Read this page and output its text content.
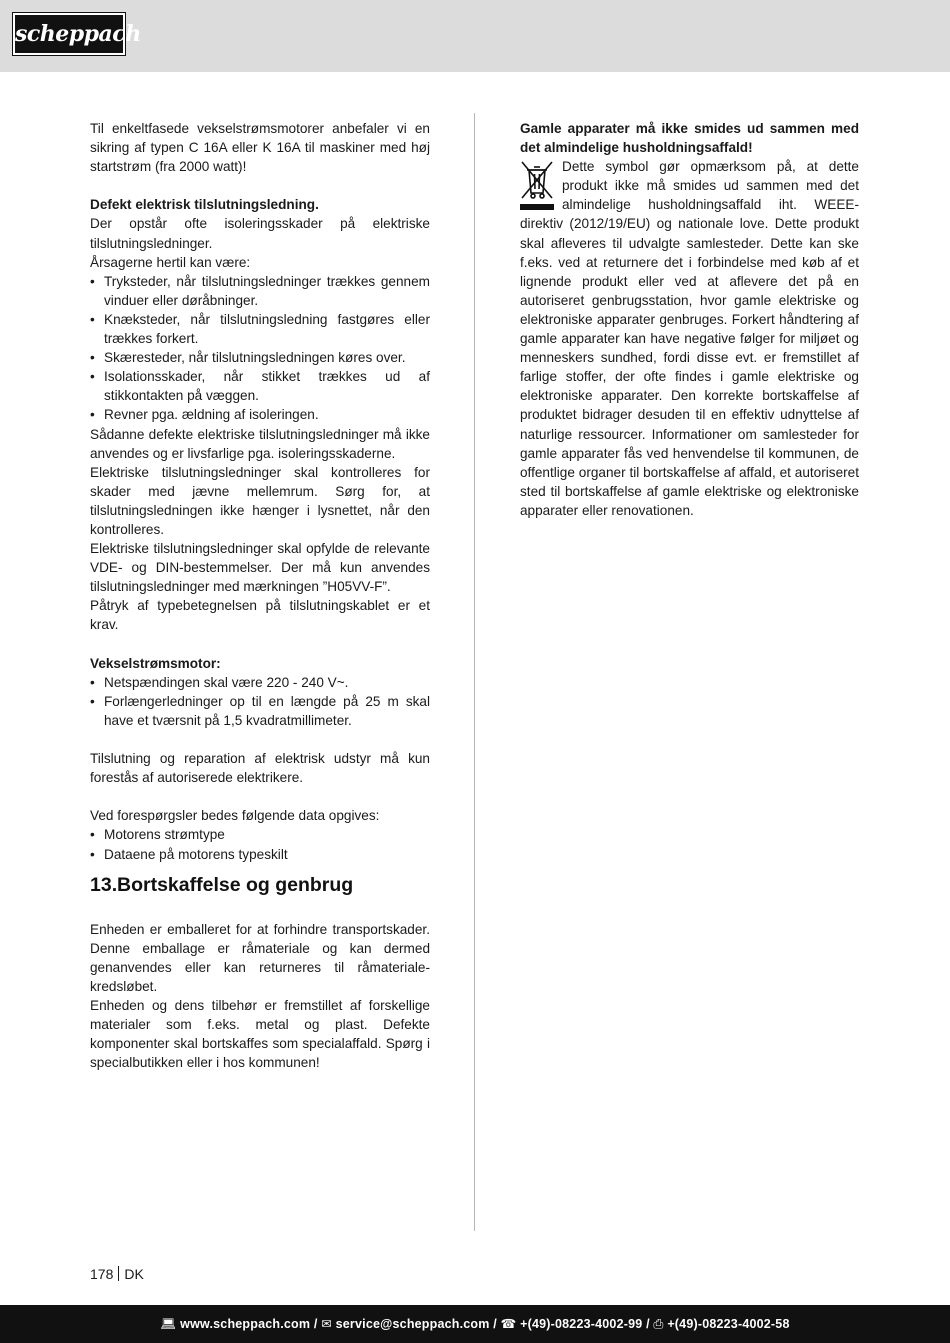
scheppach
Til enkeltfasede vekselstrømsmotorer anbefaler vi en sikring af typen C 16A eller K 16A til maskiner med høj startstrøm (fra 2000 watt)!
Defekt elektrisk tilslutningsledning.
Der opstår ofte isoleringsskader på elektriske tilslutningsledninger.
Årsagerne hertil kan være:
• Tryksteder, når tilslutningsledninger trækkes gennem vinduer eller døråbninger.
• Knæksteder, når tilslutningsledning fastgøres eller trækkes forkert.
• Skæresteder, når tilslutningsledningen køres over.
• Isolationsskader, når stikket trækkes ud af stikkontakten på væggen.
• Revner pga. ældning af isoleringen.
Sådanne defekte elektriske tilslutningsledninger må ikke anvendes og er livsfarlige pga. isoleringsskaderne.
Elektriske tilslutningsledninger skal kontrolleres for skader med jævne mellemrum. Sørg for, at tilslutningsledningen ikke hænger i lysnettet, når den kontrolleres.
Elektriske tilslutningsledninger skal opfylde de relevante VDE- og DIN-bestemmelser. Der må kun anvendes tilslutningsledninger med mærkningen ”H05VV-F”.
Påtryk af typebetegnelsen på tilslutningskablet er et krav.
Vekselstrømsmotor:
• Netspændingen skal være 220 - 240 V~.
• Forlængerledninger op til en længde på 25 m skal have et tværsnit på 1,5 kvadratmillimeter.
Tilslutning og reparation af elektrisk udstyr må kun forestås af autoriserede elektrikere.
Ved forespørgsler bedes følgende data opgives:
• Motorens strømtype
• Dataene på motorens typeskilt
13.Bortskaffelse og genbrug
Enheden er emballeret for at forhindre transportskader. Denne emballage er råmateriale og kan dermed genanvendes eller kan returneres til råmateriale-kredsløbet.
Enheden og dens tilbehør er fremstillet af forskellige materialer som f.eks. metal og plast. Defekte komponenter skal bortskaffes som specialaffald. Spørg i specialbutikken eller i hos kommunen!
Gamle apparater må ikke smides ud sammen med det almindelige husholdningsaffald!
Dette symbol gør opmærksom på, at dette produkt ikke må smides ud sammen med det almindelige husholdningsaffald iht. WEEE-direktiv (2012/19/EU) og nationale love. Dette produkt skal afleveres til udvalgte samlesteder. Dette kan ske f.eks. ved at returnere det i forbindelse med køb af et lignende produkt eller ved at aflevere det på en autoriseret genbrugsstation, hvor gamle elektriske og elektroniske apparater genbruges. Forkert håndtering af gamle apparater kan have negative følger for miljøet og menneskers sundhed, fordi disse evt. er fremstillet af farlige stoffer, der ofte findes i gamle elektriske og elektroniske apparater. Den korrekte bortskaffelse af produktet bidrager desuden til en effektiv udnyttelse af naturlige ressourcer. Informationer om samlesteder for gamle apparater fås ved henvendelse til kommunen, de offentlige organer til bortskaffelse af affald, et autoriseret sted til bortskaffelse af gamle elektriske og elektroniske apparater eller renovationen.
178 DK
💻︎ www.scheppach.com / ✉ service@scheppach.com / ☎ +(49)-08223-4002-99 / ⎙ +(49)-08223-4002-58
